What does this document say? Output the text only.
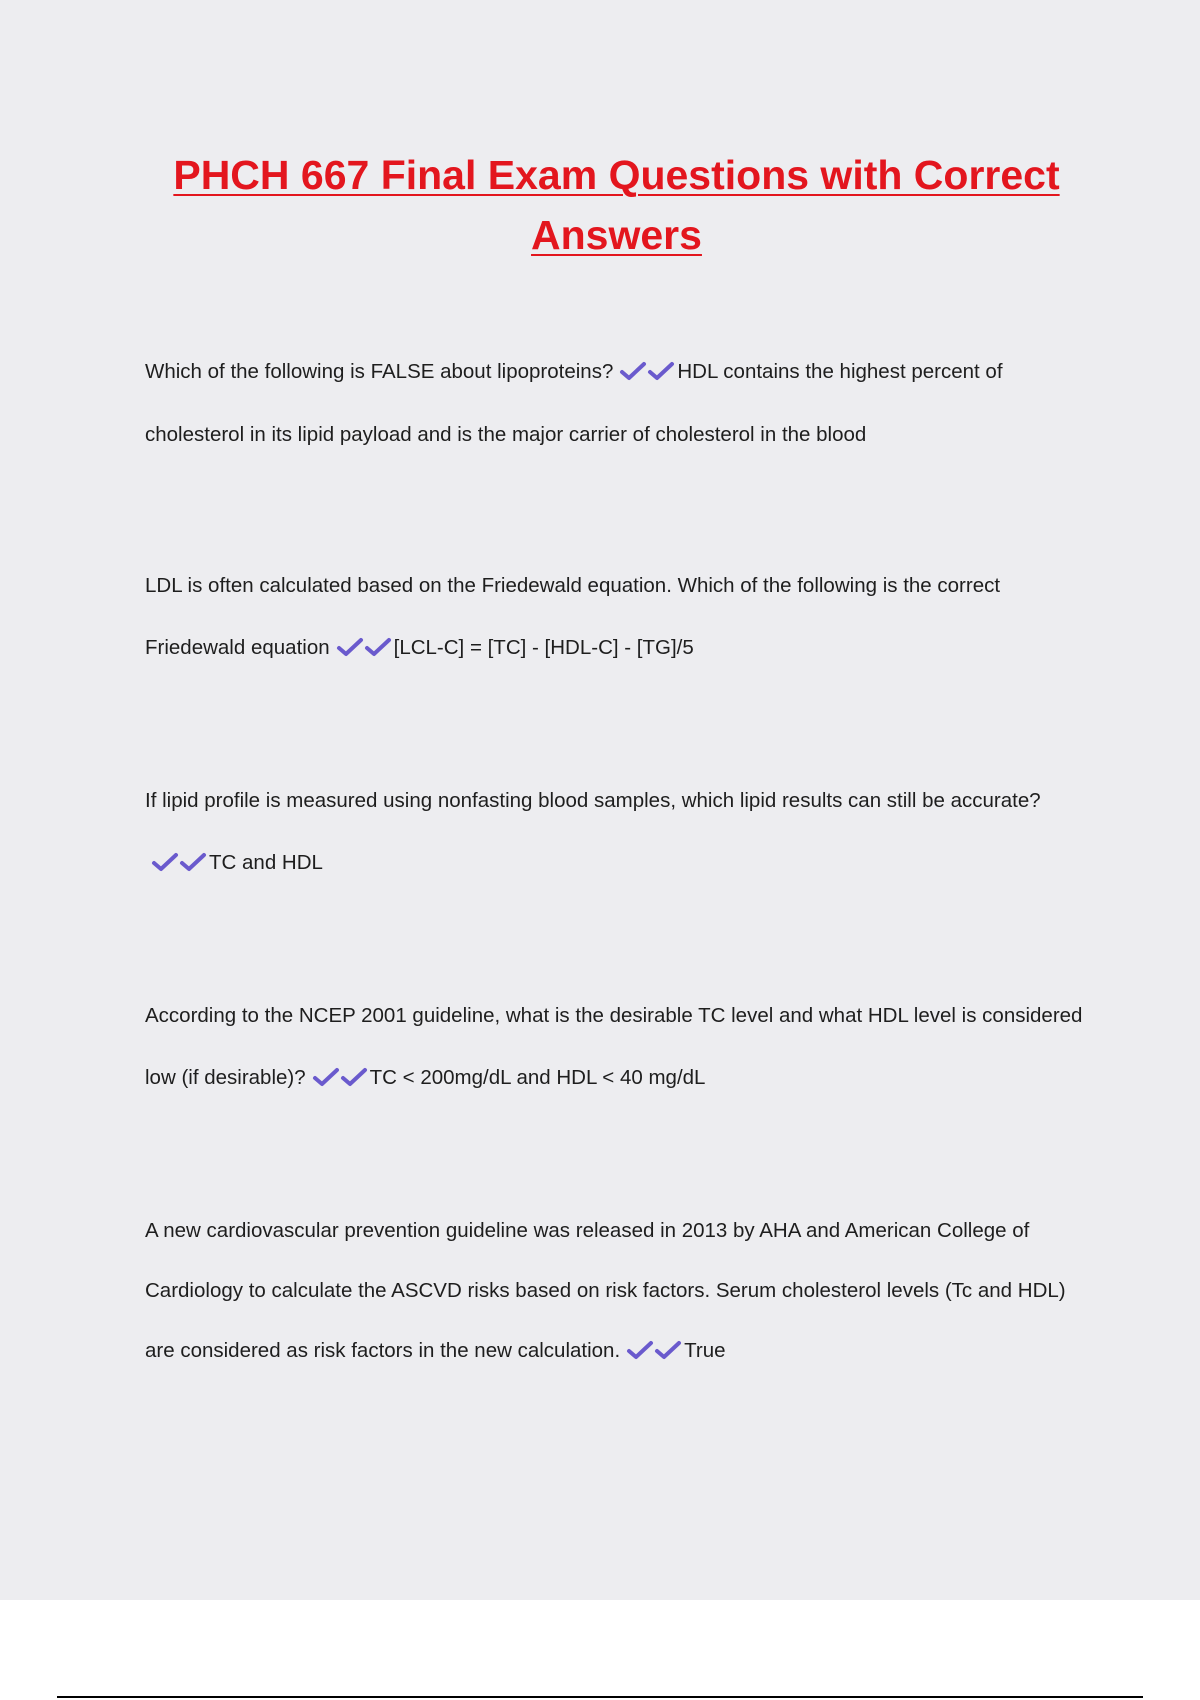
PHCH 667 Final Exam Questions with Correct Answers

Which of the following is FALSE about lipoproteins?	HDL contains the highest percent of cholesterol in its lipid payload and is the major carrier of cholesterol in the blood

LDL is often calculated based on the Friedewald equation. Which of the following is the correct Friedewald equation	[LCL-C] = [TC] - [HDL-C] - [TG]/5

If lipid profile is measured using nonfasting blood samples, which lipid results can still be accurate?TC and HDL

According to the NCEP 2001 guideline, what is the desirable TC level and what HDL level is considered low (if desirable)?	TC < 200mg/dL and HDL < 40 mg/dL

A new cardiovascular prevention guideline was released in 2013 by AHA and American College of Cardiology to calculate the ASCVD risks based on risk factors. Serum cholesterol levels (Tc and HDL) are considered as risk factors in the new calculation.	True
